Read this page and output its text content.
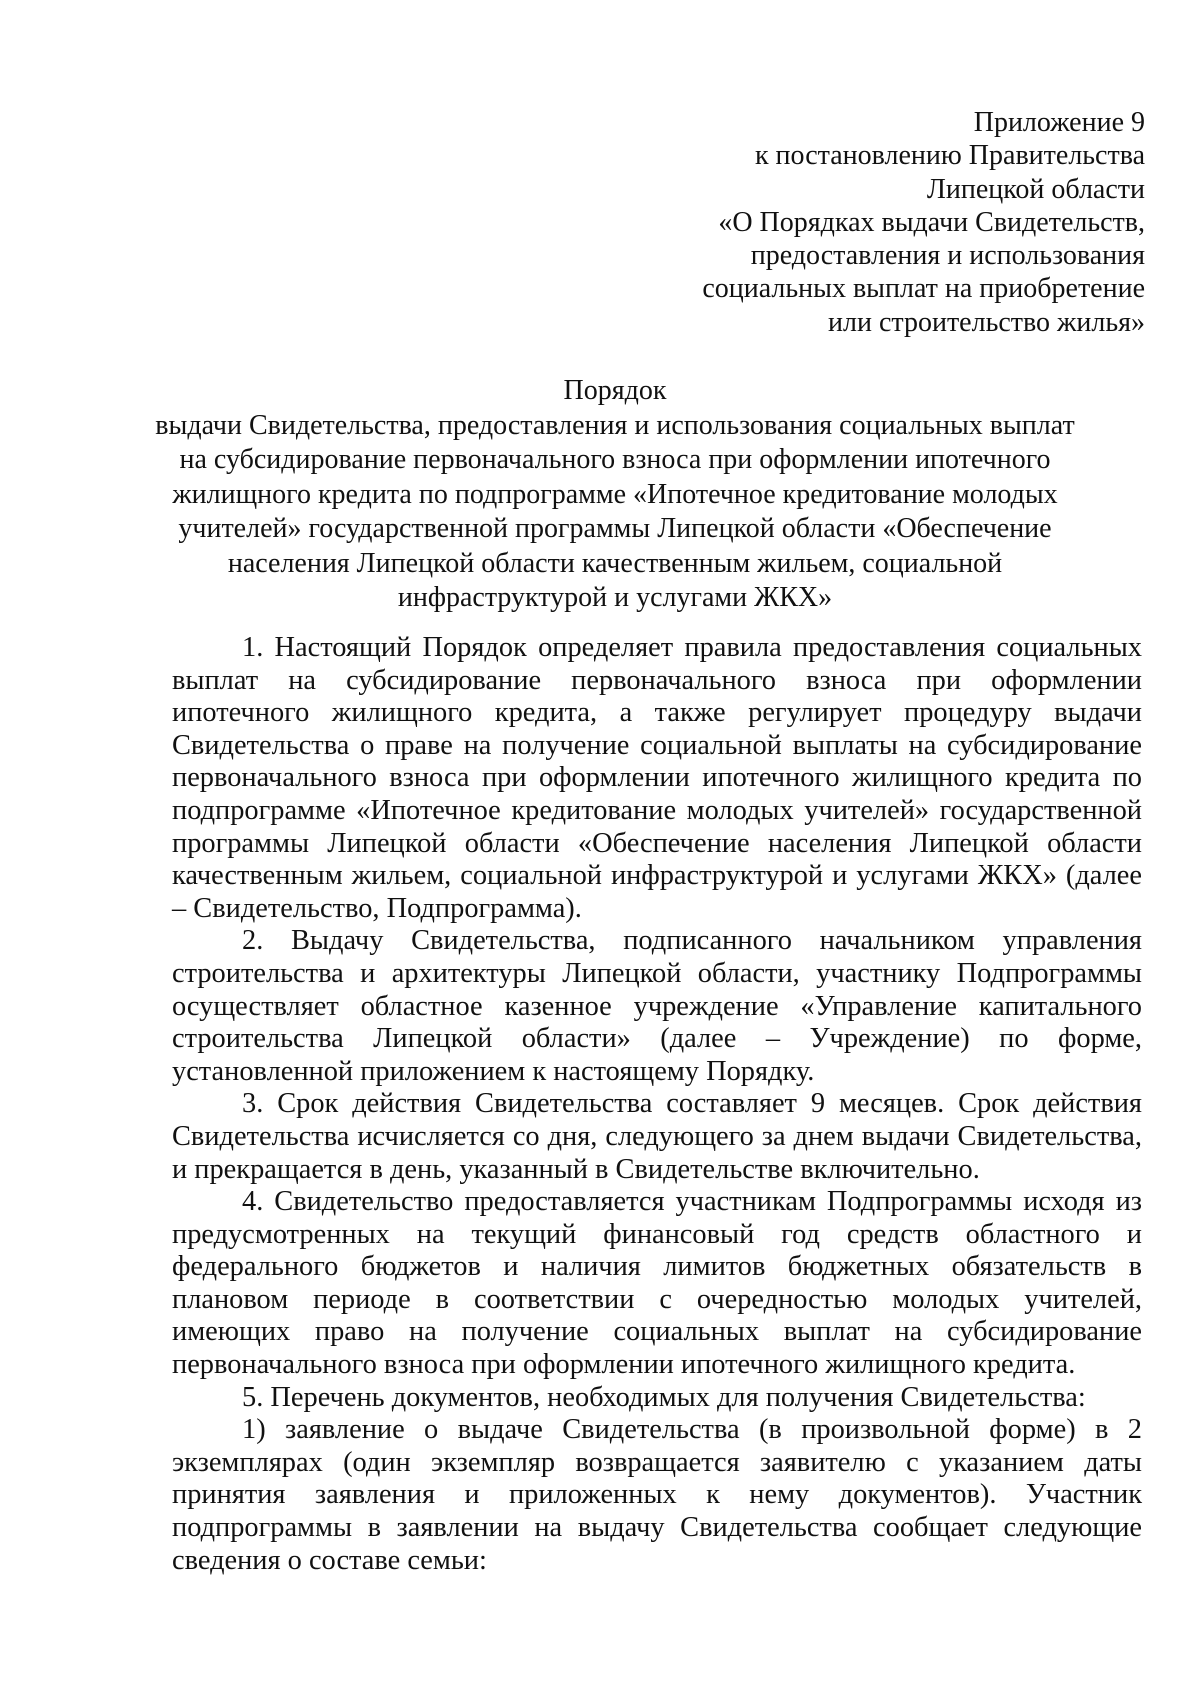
Приложение 9
к постановлению Правительства
Липецкой области
«О Порядках выдачи Свидетельств,
предоставления и использования
социальных выплат на приобретение
или строительство жилья»
Порядок
выдачи Свидетельства, предоставления и использования социальных выплат
на субсидирование первоначального взноса при оформлении ипотечного
жилищного кредита по подпрограмме «Ипотечное кредитование молодых
учителей» государственной программы Липецкой области «Обеспечение
населения Липецкой области качественным жильем, социальной
инфраструктурой и услугами ЖКХ»

1. Настоящий Порядок определяет правила предоставления социальных выплат на субсидирование первоначального взноса при оформлении ипотечного жилищного кредита, а также регулирует процедуру выдачи Свидетельства о праве на получение социальной выплаты на субсидирование первоначального взноса при оформлении ипотечного жилищного кредита по подпрограмме «Ипотечное кредитование молодых учителей» государственной программы Липецкой области «Обеспечение населения Липецкой области качественным жильем, социальной инфраструктурой и услугами ЖКХ» (далее – Свидетельство, Подпрограмма).

2. Выдачу Свидетельства, подписанного начальником управления строительства и архитектуры Липецкой области, участнику Подпрограммы осуществляет областное казенное учреждение «Управление капитального строительства Липецкой области» (далее – Учреждение) по форме, установленной приложением к настоящему Порядку.

3. Срок действия Свидетельства составляет 9 месяцев. Срок действия Свидетельства исчисляется со дня, следующего за днем выдачи Свидетельства, и прекращается в день, указанный в Свидетельстве включительно.

4. Свидетельство предоставляется участникам Подпрограммы исходя из предусмотренных на текущий финансовый год средств областного и федерального бюджетов и наличия лимитов бюджетных обязательств в плановом периоде в соответствии с очередностью молодых учителей, имеющих право на получение социальных выплат на субсидирование первоначального взноса при оформлении ипотечного жилищного кредита.

5. Перечень документов, необходимых для получения Свидетельства:

1) заявление о выдаче Свидетельства (в произвольной форме) в 2 экземплярах (один экземпляр возвращается заявителю с указанием даты принятия заявления и приложенных к нему документов). Участник подпрограммы в заявлении на выдачу Свидетельства сообщает следующие сведения о составе семьи:
